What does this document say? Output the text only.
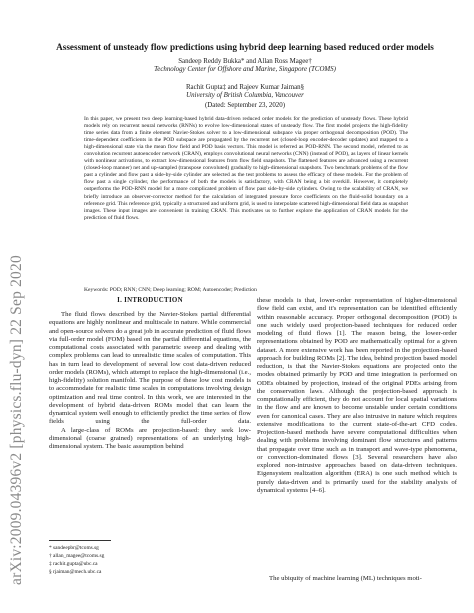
arXiv:2009.04396v2 [physics.flu-dyn] 22 Sep 2020
Assessment of unsteady flow predictions using hybrid deep learning based reduced order models
Sandeep Reddy Bukka* and Allan Ross Magee†
Technology Center for Offshore and Marine, Singapore (TCOMS)
Rachit Gupta‡ and Rajeev Kumar Jaiman§
University of British Columbia, Vancouver
(Dated: September 23, 2020)

In this paper, we present two deep learning-based hybrid data-driven reduced order models for the prediction of unsteady flows. These hybrid models rely on recurrent neural networks (RNNs) to evolve low-dimensional states of unsteady flow. The first model projects the high-fidelity time series data from a finite element Navier-Stokes solver to a low-dimensional subspace via proper orthogonal decomposition (POD). The time-dependent coefficients in the POD subspace are propagated by the recurrent net (closed-loop encoder-decoder updates) and mapped to a high-dimensional state via the mean flow field and POD basis vectors. This model is referred as POD-RNN. The second model, referred to as convolution recurrent autoencoder network (CRAN), employs convolutional neural networks (CNN) (instead of POD), as layers of linear kernels with nonlinear activations, to extract low-dimensional features from flow field snapshots. The flattened features are advanced using a recurrent (closed-loop manner) net and up-sampled (transpose convoluted) gradually to high-dimensional snapshots. Two benchmark problems of the flow past a cylinder and flow past a side-by-side cylinder are selected as the test problems to assess the efficacy of these models. For the problem of flow past a single cylinder, the performance of both the models is satisfactory, with CRAN being a bit overkill. However, it completely outperforms the POD-RNN model for a more complicated problem of flow past side-by-side cylinders. Owing to the scalability of CRAN, we briefly introduce an observer-corrector method for the calculation of integrated pressure force coefficients on the fluid-solid boundary on a reference grid. This reference grid, typically a structured and uniform grid, is used to interpolate scattered high-dimensional field data as snapshot images. These input images are convenient in training CRAN. This motivates us to further explore the application of CRAN models for the prediction of fluid flows.

Keywords: POD; RNN; CNN; Deep learning; ROM; Autoencoder; Prediction

I. INTRODUCTION

The fluid flows described by the Navier-Stokes partial differential equations are highly nonlinear and multiscale in nature. While commercial and open-source solvers do a great job in accurate prediction of fluid flows via full-order model (FOM) based on the partial differential equations, the computational costs associated with parametric sweep and dealing with complex problems can lead to unrealistic time scales of computation. This has in turn lead to development of several low cost data-driven reduced order models (ROMs), which attempt to replace the high-dimensional (i.e., high-fidelity) solution manifold. The purpose of these low cost models is to accommodate for realistic time scales in computations involving design optimization and real time control. In this work, we are interested in the development of hybrid data-driven ROMs model that can learn the dynamical system well enough to efficiently predict the time series of flow fields using the full-order data.

A large-class of ROMs are projection-based: they seek low-dimensional (coarse grained) representations of an underlying high-dimensional system. The basic assumption behind

* sandeepbr@tcoms.sg
† allan_magee@tcoms.sg
‡ rachit.gupta@ubc.ca
§ rjaiman@mech.ubc.ca

these models is that, lower-order representation of higher-dimensional flow field can exist, and it's representation can be identified efficiently within reasonable accuracy. Proper orthogonal decomposition (POD) is one such widely used projection-based techniques for reduced order modeling of fluid flows [1]. The reason being, the lower-order representations obtained by POD are mathematically optimal for a given dataset. A more extensive work has been reported in the projection-based approach for building ROMs [2]. The idea, behind projection based model reduction, is that the Navier-Stokes equations are projected onto the modes obtained primarily by POD and time integration is performed on ODEs obtained by projection, instead of the original PDEs arising from the conservation laws. Although the projection-based approach is computationally efficient, they do not account for local spatial variations in the flow and are known to become unstable under certain conditions even for canonical cases. They are also intrusive in nature which requires extensive modifications to the current state-of-the-art CFD codes. Projection-based methods have severe computational difficulties when dealing with problems involving dominant flow structures and patterns that propagate over time such as in transport and wave-type phenomena, or convection-dominated flows [3]. Several researchers have also explored non-intrusive approaches based on data-driven techniques. Eigensystem realization algorithm (ERA) is one such method which is purely data-driven and is primarily used for the stability analysis of dynamical systems [4–6].

The ubiquity of machine learning (ML) techniques moti-
